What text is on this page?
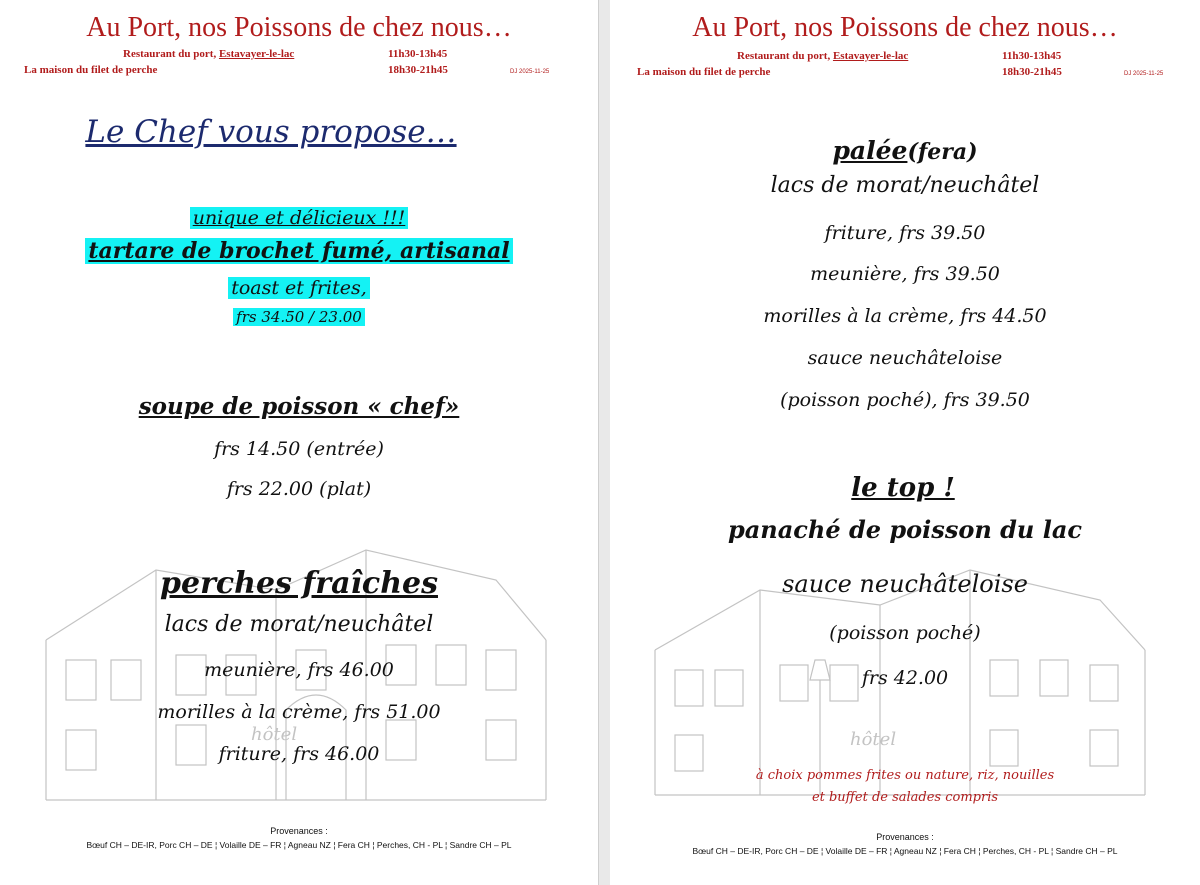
Au Port, nos Poissons de chez nous…
Restaurant du port, Estavayer-le-lac	11h30-13h45
La maison du filet de perche	18h30-21h45	DJ 2025-11-25
Le Chef vous propose…
unique et délicieux !!!
tartare de brochet fumé, artisanal
toast et frites,
frs 34.50 / 23.00
soupe de poisson « chef»
frs 14.50 (entrée)
frs 22.00 (plat)
hôtel
perches fraîches
lacs de morat/neuchâtel
meunière, frs 46.00
morilles à la crème, frs 51.00
friture, frs 46.00
Provenances :
Bœuf CH – DE-IR, Porc CH – DE ¦ Volaille DE – FR ¦ Agneau NZ ¦ Fera CH ¦ Perches, CH - PL ¦ Sandre CH – PL
Au Port, nos Poissons de chez nous…
Restaurant du port, Estavayer-le-lac	11h30-13h45
La maison du filet de perche	18h30-21h45	DJ 2025-11-25
palée(fera)
lacs de morat/neuchâtel
friture, frs 39.50
meunière, frs 39.50
morilles à la crème, frs 44.50
sauce neuchâteloise
(poisson poché), frs 39.50
hôtel
le top !
panaché de poisson du lac
sauce neuchâteloise
(poisson poché)
frs 42.00
à choix pommes frites ou nature, riz, nouilles
et buffet de salades compris
Provenances :
Bœuf CH – DE-IR, Porc CH – DE ¦ Volaille DE – FR ¦ Agneau NZ ¦ Fera CH ¦ Perches, CH - PL ¦ Sandre CH – PL
